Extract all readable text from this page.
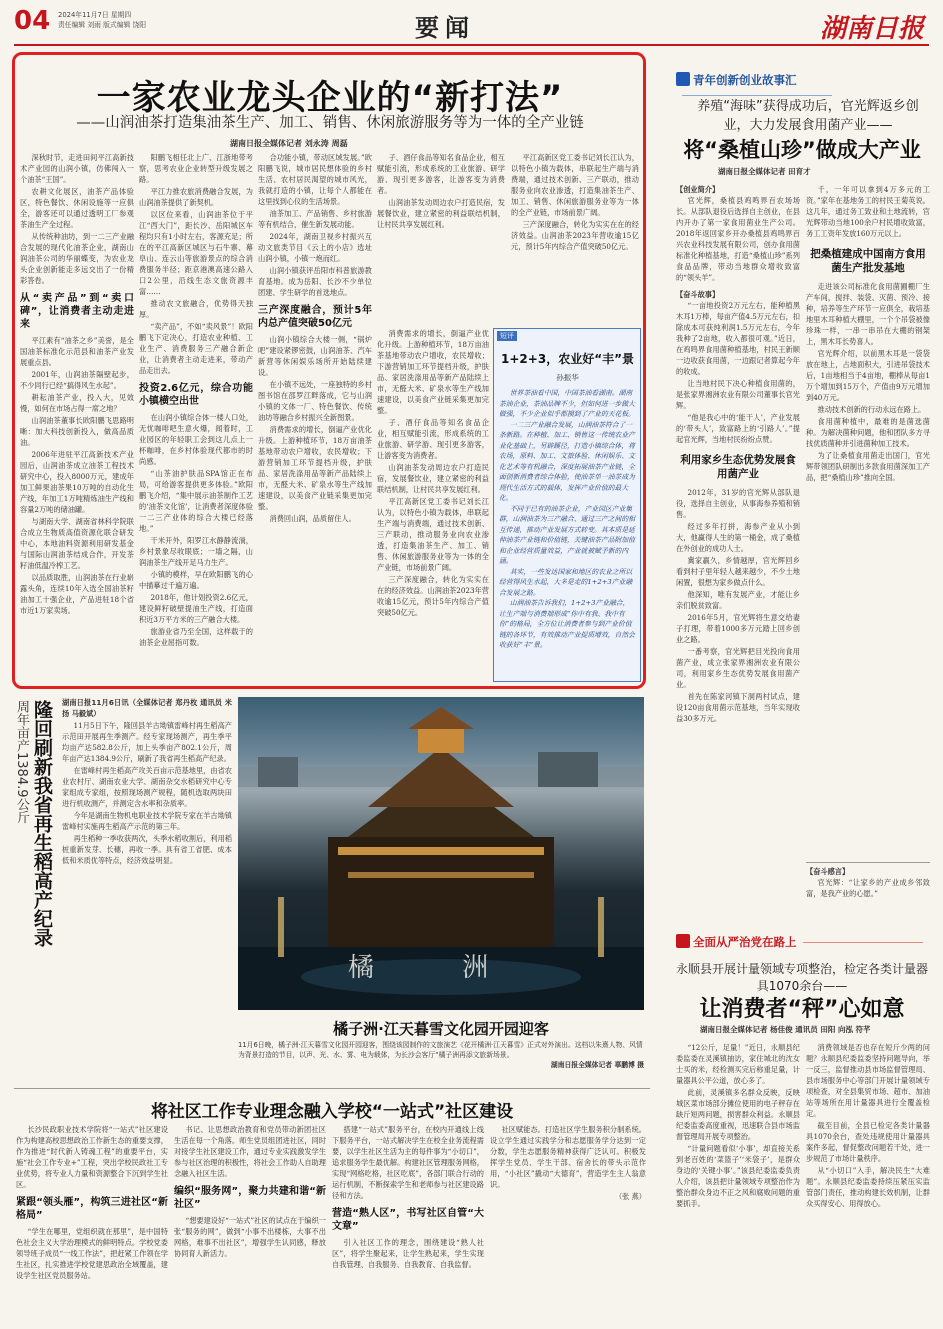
04 2024年11月7日 星期四
责任编辑 刘雨 版式编辑 饶阳	要闻	湖南日报
一家农业龙头企业的“新打法”
——山润油茶打造集油茶生产、加工、销售、休闲旅游服务等为一体的全产业链
湖南日报全媒体记者 刘永涛 周磊

深秋时节，走进田间平江高新技术产业园的山润小镇，仿佛闯入一个油茶“王国”。

农耕文化展区，油茶产品体验区，特色餐饮、休闲设施等一应俱全，游客还可以通过透明工厂参观茶油生产全过程。

从传统种油坊，到一二三产业融合发展的现代化油茶企业，湖南山润油茶公司的华丽蝶变，为农业龙头企业创新能走多远交出了一份精彩答卷。

从“卖产品”到“卖口碑”，让消费者主动走进来

平江素有“油茶之乡”美誉，是全国油茶标准化示范县和油茶产业发展重点县。

2001年，山润油茶隔壁起步，不少同行已经“搞得风生水起”。

耕耘油茶产业，投入大，见效慢，如何在市场占得一席之地？

山润油茶董事长欧阳鹏飞思路明晰：加大科技创新投入，做高品质油。

2006年进驻平江高新技术产业园后，山润油茶成立油茶工程技术研究中心，投入8000万元，建成年加工鲜果油茶果10万吨的自动化生产线，年加工1万吨精炼油生产线和容量2万吨的储油罐。

与湖南大学、湖南省林科学院联合成立生物质高值资源化联合研发中心，本地油料资源利用研发基金与国际山润油茶结成合作，开发茶籽油低温冷榨工艺。

以品质取胜，山润油茶在行业崭露头角，连续10年入选全国油茶籽油加工十强企业，产品进驻18个省市近1万家卖场。

阳鹏飞相任北上广、江浙地带考察，思考农业企业转型升级发展之路。

平江力推农旅消费融合发展，为山润油茶提供了新契机。

以区位来看，山润油茶位于平江“西大门”，距长沙、岳阳城区车程均只有1小时左右，客源充足；所在的平江高新区城区与石牛寨、幕阜山、连云山等旅游景点的综合消费服务半径；距京港澳高速公路入口2公里，沿线生态文旅资源丰富……

推动农文旅融合，优势得天独厚。

“卖产品”，不如“卖风景”！欧阳鹏飞下定决心，打造农业种植、工业生产、消费服务三产融合新企业，让消费者主动走进来，带动产品走出去。

投资2.6亿元，综合功能小镇横空出世

在山润小镇综合体一楼人口处，无忧咖啡吧生意火爆，闻着时，工业园区的年轻职工会到这儿点上一杯咖啡，在乡村体验现代都市的时尚感。

“山茶油护肤品SPA馆正在布局，可给游客提供更多体验。”欧阳鹏飞介绍，“集中展示油茶制作工艺的‘油茶文化馆’，让消费者深度体验一二三产业体的综合大楼已经落地。”

干米开外，阳罗江水静静流淌，乡村景象尽收眼底；一墙之隔，山润油茶生产线开足马力生产。

小镇的模样，早在欧阳鹏飞的心中描摹过千遍万遍。

2018年，他计划投资2.6亿元，建设鲜籽破壁提油生产线，打造面积近3万平方米的三产融合大楼。

旅游业省乃至全国，这样载于的油茶企业屈指可数。

合功能小镇，带动区域发展。”欧阳鹏飞说，城市居民想体验的乡村生活、农村居民渴望的城市风光，我就打造的小镇，让每个人都能在这里找到心仪的生活场景。

油茶加工、产品销售、乡村旅游等有机结合，催生新发展动能。

2024年，湖南卫视乡村振兴互动文旅类节目《云上的小店》选址山润小镇，小镇一炮而红。

山润小镇获评岳阳市科普旅游教育基地。成为岳阳、长沙不少单位团建、学生研学的首选地点。

三产深度融合，预计5年内总产值突破50亿元

山润小镇综合大楼一侧，“锅炉吧”建设紧锣密鼓，山润油茶、汽车新营等休闲娱乐场所开始陆续建设。

在小镇不远处，一座独特的乡村图书馆在邵罗江畔落成，它与山润小镇的文体一厂、特色餐饮、传统油坊等融合乡村振兴全新图景。

消费需求的增长，倒逼产业优化升级。上游种植环节，18万亩油茶基地带动农户增收，农民增收；下游营销加工环节提档升级，护肤品、家居洗涤用品等新产品陆续上市，无醛大米、矿泉水等生产线加速建设，以美食产业链采集更加完整。

消费回山润，品质留住人。

子、酒仔食品等知名食品企业，相互赋能引流，形成系统的工业旅游、研学游、现引更多游客，让游客变为消费者。

山润油茶发动周边农户打造民宿，发展餐饮业，建立紧密的利益联结机制，让村民共享发展红利。

平江高新区党工委书记刘长江认为，以特色小镇为载体，串联起生产端与消费端，通过技术创新、三产联动，推动服务业向农业渗透，打造集油茶生产、加工、销售、休闲旅游服务业等为一体的全产业链，市场前景广阔。

三产深度融合，转化为实实在在的经济效益。山润油茶2023年营收逾15亿元，预计5年内综合产值突破50亿元。

消费需求的增长，倒逼产业优化升级。上游种植环节，18万亩油茶基地带动农户增收，农民增收；下游营销加工环节提档升级，护肤品、家居洗涤用品等新产品陆续上市，无醛大米、矿泉水等生产线加速建设，以美食产业链采集更加完整。

子、酒仔食品等知名食品企业，相互赋能引流，形成系统的工业旅游、研学游、现引更多游客，让游客变为消费者。

山润油茶发动周边农户打造民宿，发展餐饮业，建立紧密的利益联结机制，让村民共享发展红利。

平江高新区党工委书记刘长江认为，以特色小镇为载体，串联起生产端与消费端，通过技术创新、三产联动，推动服务业向农业渗透，打造集油茶生产、加工、销售、休闲旅游服务业等为一体的全产业链，市场前景广阔。

三产深度融合，转化为实实在在的经济效益。山润油茶2023年营收逾15亿元，预计5年内综合产值突破50亿元。

短评
1+2+3，农业好“丰”景
孙振华

世界茶油看中国，中国茶油看湖南。湖南茶油企业，茶油品牌不少，但如何进一步做大做强，不少企业似乎都摸到了产业的天花板。

一二三产业融合发展，山润油茶符合了一条新路。在种植、加工、销售这一传统农业产业化基础上，另辟蹊径，打造小镇综合体，将农场，原料、加工、文旅体验、休闲娱乐、文化艺术等有机融合，深度拓展油茶产业链，全面创新消费者综合体验，使油茶单一油茶成为现代生活方式的载体，发挥产业价值的最大化。

不同于已有的油茶企业，产业园区产业集群，山润油茶为三产融合、通过三产之间的相互传递，推动产业发展方式转变。其本质是延伸油茶产业链和价值链，关键油茶产品附加值和企业经营质量效益，产业就被赋予新的内涵。

其实，一些发达国家和地区的农业之所以经营得风生水起，大多是走的1+2+3产业融合发展之路。

山润油茶告诉我们，1+2+3产业融合，让生产端与消费端形成“你中有我、我中有你”的格局，全方位让消费者参与到产业价值链的各环节，有效推动产业提质增效，自然会收获好“丰”景。

青年创新创业故事汇
养殖“海味”获得成功后，官光辉返乡创业，大力发展食用菌产业——
将“桑植山珍”做成大产业
湖南日报全媒体记者 田育才
【创业简介】

官光辉，桑植县鸡鸣界百农场场长。从部队退役后选择自主创业，在县内开办了第一家食用菌业生产公司。2018年返回家乡开办桑植县鸡鸣界百兴农业科技发展有限公司，创办食用菌标准化种植基地，打造“桑植山珍”系列食品品牌，带动当地群众增收致富的“领头羊”。

【奋斗故事】

“一亩地投资2万元左右，能种植黑木耳1万棒，每亩产值4.5万元左右，扣除成本可获纯利润1.5万元左右，今年我种了2亩地，收入都很可观。”近日，在鸡鸣界食用菌种植基地，村民王新顺一边收获食用菌，一边跟记者算起今年的收成。

让当地村民下决心种植食用菌的，是张家界湘洲农业有限公司董事长官光辉。

“他是我心中的‘能干人’，产业发展的‘带头人’，致富路上的‘引路人’。”提起官光辉，当地村民纷纷点赞。

利用家乡生态优势发展食用菌产业

2012年，31岁的官光辉从部队退役，选择自主创业，从事海参养殖和销售。

经过多年打拼，海参产业从小到大，他赢得人生的第一桶金，成了桑植在外创业的成功人士。

冀家羸久，乡情越厚，官光辉回乡看到村子里年轻人越来越少，不少土地闲置，很想为家乡做点什么。

他深知，唯有发展产业，才能让乡亲们脱贫致富。

2016年5月，官光辉将生意交给妻子打理，带着1000多万元踏上回乡创业之路。

一番考察，官光辉把目光投向食用菌产业，成立张家界湘洲农业有限公司，利用家乡生态优势发展食用菌产业。

首先在陈家河镇下洞两村试点，建设120亩食用菌示范基地，当年实现收益30多万元。

千，一年可以拿到4万多元的工资。”家年在基地务工的村民王菊英说。这几年，通过务工致业和土地流转，官光辉带动当地100余户村民增收致富，务工工资年发放160万元以上。

把桑植建成中国南方食用菌生产批发基地

走进该公司标准化食用菌圃棚厂生产车间，搅拌、装袋、灭菌、预冷、接种，培养等生产环节一应俱全，栽培基地里木耳种植大棚里，一个个吊袋被像珍珠一样，一串一串吊在大棚的钢架上，黑木耳长势喜人。

官光辉介绍，以前黑木耳是一袋袋放在地上，占地面积大，引进吊袋技术后，1亩地相当于4亩地，棚棒从每亩1万个增加到15万个，产值由9万元增加到40万元。

推动技术创新的行动永远在路上。

食用菌种植中，最难的是菌选菌种。为解决菌种问题，他和团队多方寻找优质菌种并引进菌种加工技术。

为了让桑植食用菌走出国门，官光辉带领团队研制出多款食用菌深加工产品，把“桑植山珍”推向全国。

【奋斗感言】

官光辉：“让家乡的产业成乡邻致富，是我产业的心愿。”

周年亩产1384.9公斤 隆回刷新我省再生稻高产纪录 湖南日报11月6日讯（全媒体记者 郑丹枚 通讯员 米扬 马毅斌）

11月5日下午，隆回县羊古坳镇雷峰村再生稻高产示范田开展再生季测产。经专家现场测产，再生季平均亩产达582.8公斤，加上头季亩产802.1公斤，周年亩产达1384.9公斤，刷新了我省再生稻高产纪录。

在雷峰村再生稻高产攻关百亩示范基地里，由省农业农村厅、湖南农业大学、湖南杂交水稻研究中心专家组成专家组，按照现场测产规程，随机选取两块田进行机收测产，并测定含水率和杂质率。

今年是湖南生物机电职业技术学院专家在羊古坳镇雷峰村实施再生稻高产示范的第三年。

再生稻种一季收获两次，头季水稻收割后，利用稻桩重新发芽、长穗，再收一季。具有省工省肥、成本低和米质优等特点，经济效益明显。

橘 洲
橘子洲·江天暮雪文化园开园迎客
11月6日晚，橘子洲·江天暮雪文化园开园迎客，围绕该园制作的文旅演艺《花开橘洲·江天暮雪》正式对外演出。这档以朱熹人物、风情为背景打造的节目，以声、光、水、雾、电为载体，为长沙会客厅“橘子洲再添文旅新场景。
湖南日报全媒体记者 辜鹏博 摄
将社区工作专业理念融入学校“一站式”社区建设

长沙民政职业技术学院将“一站式”社区建设作为构建高校思想政治工作新生态的重要支撑，作为推进“时代新人铸魂工程”的重要平台，实施“社会工作专业+”工程，突出学校民政社工专业优势，将专业人力量和资源整合下沉到学生社区。

紧跟“领头雁”，构筑三进社区“新格局”

“学生在哪里，党组织就在那里”，是中国特色社会主义大学治理模式的鲜明特点。学校党委领导班子成员“一线工作法”，把赶紧工作领在学生社区，扎实推进学校党建思政治全域覆盖，建设学生社区党员服务站。

书记、让思想政治教育和党员带动新团社区生活在每一个角落。师生党员组团进社区，同时对接学生社区建设工作，通过专业实践激发学生参与社区治理的积极性，将社会工作助人自助理念融入社区生活。

编织“服务网”，聚力共建和谐“新社区”

“想要建设好“一站式”社区的试点在于编织一张“服务的网”，做到“小事不出楼栋，大事不出网格，难事不出社区”，增强学生认同感，释放协同育人新活力。

搭建“一站式”服务平台，在校内开通线上线下服务平台，一站式解决学生在校全业务流程需要，以学生社区生活为主的每件事为“小切口”，追求服务学生最优解。构建社区管理服务网格，实现“网格吃格，社区吃底”，各部门联合行动的运行机制，不断探索学生和老师参与社区建设路径和方法。

营造“熟人区”，书写社区自管“大文章”

引入社区工作的理念，围绕建设“熟人社区”，将学生聚起来，让学生熟起来，学生实现自我管理、自我服务、自我教育、自我监督。

社区赋能态。打造社区学生服务积分制系统。设立学生通过实践学分和志愿服务学分达到一定分数，学生志愿服务精神获得广泛认可。积极发挥学生党员、学生干部、宿舍长的带头示范作用，“小社区”撬动“大德育”，营造学生主人翁意识。

（张 燕）
全面从严治党在路上
永顺县开展计量领域专项整治，检定各类计量器具1070余台——
让消费者“秤”心如意
湖南日报全媒体记者 杨佳俊 通讯员 田阳 向泓 符芊

“12公斤，足量！”近日，永顺县纪委监委在灵溪镇抽访，家住城北的沈女士买的米，经检测买完后称重足量，计量器具公平公道，放心多了。

此前，灵溪镇多名群众反映，反映城区菜市场部分摊位使用的电子秤存在缺斤短两问题，损害群众利益。永顺县纪委监委高度重视，迅速联合县市场监督管理局开展专项整治。

“计量问题看似‘小事’，却直接关系到老百姓的‘菜篮子’‘米袋子’，是群众身边的‘关键小事’。”该县纪委监委负责人介绍，该县把计量领域专项整治作为整治群众身边不正之风和腐败问题的重要抓手。

消费领域是否也存在短斤少两的问题？永顺县纪委监委坚持问题导向，举一反三，监督推动县市场监督管理局、县市场服务中心等部门开展计量领域专项检查，对全县集贸市场、超市、加油站等场所在用计量器具进行全覆盖检定。

截至目前，全县已检定各类计量器具1070余台，查处违规使用计量器具案件多起，督促整改问题若干处，进一步规范了市场计量秩序。

从“小切口”入手，解决民生“大难题”。永顺县纪委监委持续压紧压实监管部门责任，推动构建长效机制，让群众买得安心、用得放心。
